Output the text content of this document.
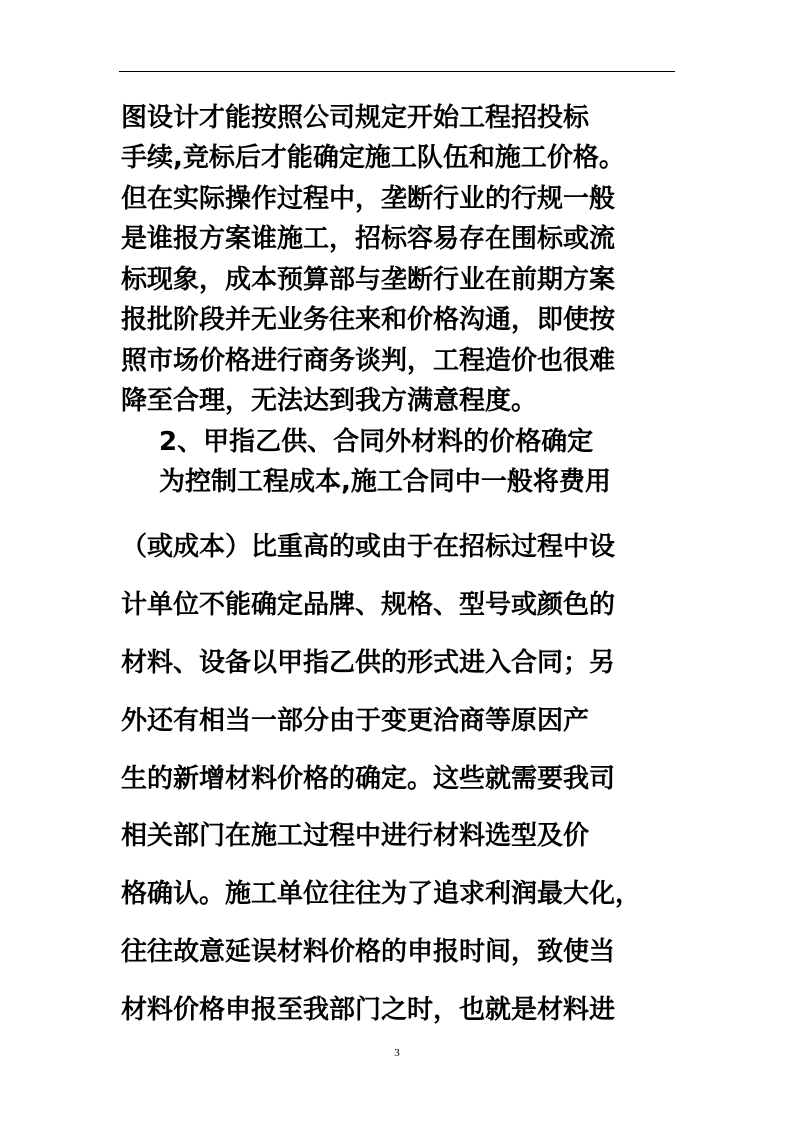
图设计才能按照公司规定开始工程招投标
手续,竞标后才能确定施工队伍和施工价格。
但在实际操作过程中，垄断行业的行规一般
是谁报方案谁施工，招标容易存在围标或流
标现象，成本预算部与垄断行业在前期方案
报批阶段并无业务往来和价格沟通，即使按
照市场价格进行商务谈判，工程造价也很难
降至合理，无法达到我方满意程度。
2、甲指乙供、合同外材料的价格确定
为控制工程成本,施工合同中一般将费用
（或成本）比重高的或由于在招标过程中设
计单位不能确定品牌、规格、型号或颜色的
材料、设备以甲指乙供的形式进入合同；另
外还有相当一部分由于变更洽商等原因产
生的新增材料价格的确定。这些就需要我司
相关部门在施工过程中进行材料选型及价
格确认。施工单位往往为了追求利润最大化，
往往故意延误材料价格的申报时间，致使当
材料价格申报至我部门之时，也就是材料进
3
